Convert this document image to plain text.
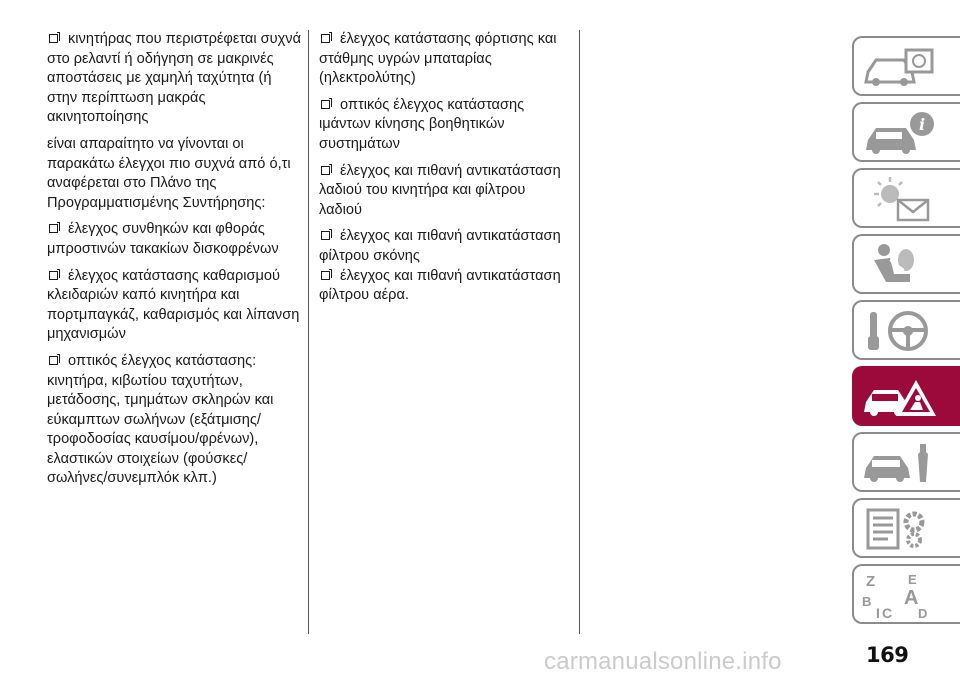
κινητήρας που περιστρέφεται συχνά
στο ρελαντί ή οδήγηση σε μακρινές
αποστάσεις με χαμηλή ταχύτητα (ή
στην περίπτωση μακράς
ακινητοποίησης
είναι απαραίτητο να γίνονται οι
παρακάτω έλεγχοι πιο συχνά από ό,τι
αναφέρεται στο Πλάνο της
Προγραμματισμένης Συντήρησης:
έλεγχος συνθηκών και φθοράς
μπροστινών τακακίων δισκοφρένων
έλεγχος κατάστασης καθαρισμού
κλειδαριών καπό κινητήρα και
πορτμπαγκάζ, καθαρισμός και λίπανση
μηχανισμών
οπτικός έλεγχος κατάστασης:
κινητήρα, κιβωτίου ταχυτήτων,
μετάδοσης, τμημάτων σκληρών και
εύκαμπτων σωλήνων (εξάτμισης/
τροφοδοσίας καυσίμου/φρένων),
ελαστικών στοιχείων (φούσκες/
σωλήνες/συνεμπλόκ κλπ.)
έλεγχος κατάστασης φόρτισης και
στάθμης υγρών μπαταρίας
(ηλεκτρολύτης)
οπτικός έλεγχος κατάστασης
ιμάντων κίνησης βοηθητικών
συστημάτων
έλεγχος και πιθανή αντικατάσταση
λαδιού του κινητήρα και φίλτρου
λαδιού
έλεγχος και πιθανή αντικατάσταση
φίλτρου σκόνης
έλεγχος και πιθανή αντικατάσταση
φίλτρου αέρα.
i
Z	E
A
B
C D
I
carmanualsonline.info	169
